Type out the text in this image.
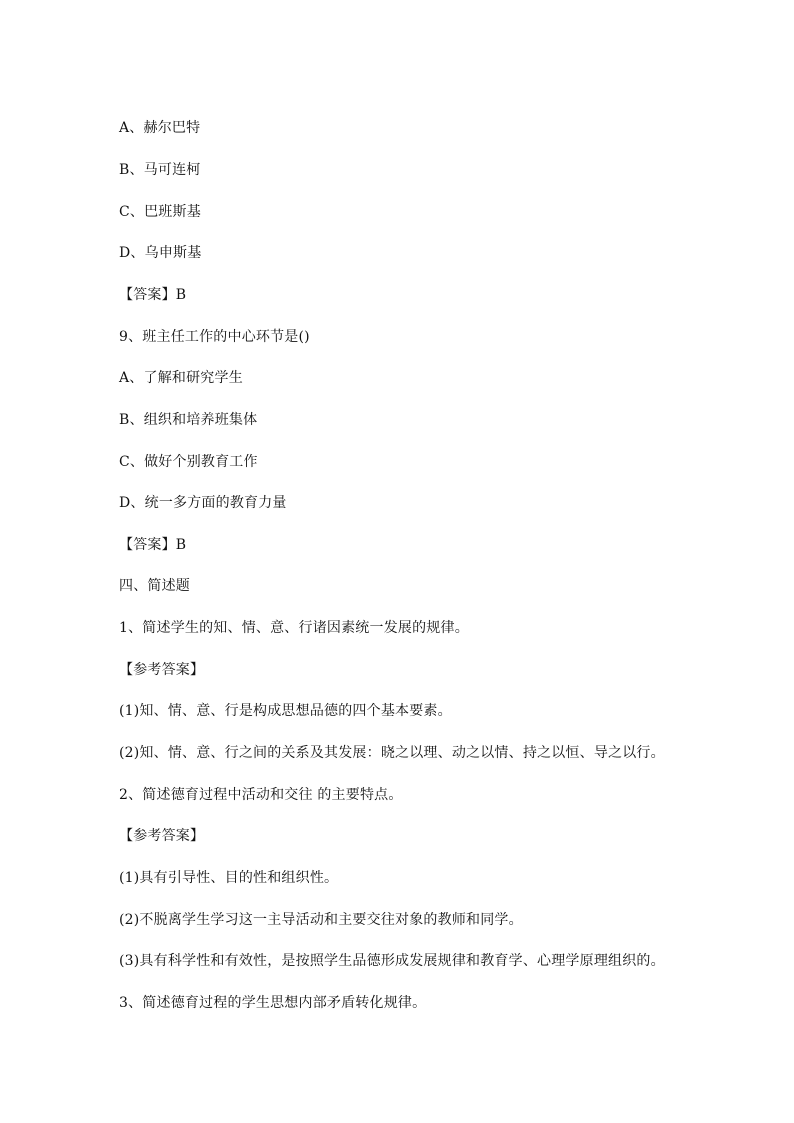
A、赫尔巴特
B、马可连柯
C、巴班斯基
D、乌申斯基
【答案】B
9、班主任工作的中心环节是()
A、了解和研究学生
B、组织和培养班集体
C、做好个别教育工作
D、统一多方面的教育力量
【答案】B
四、简述题
1、简述学生的知、情、意、行诸因素统一发展的规律。
【参考答案】
(1)知、情、意、行是构成思想品德的四个基本要素。
(2)知、情、意、行之间的关系及其发展：晓之以理、动之以情、持之以恒、导之以行。
2、简述德育过程中活动和交往 的主要特点。
【参考答案】
(1)具有引导性、目的性和组织性。
(2)不脱离学生学习这一主导活动和主要交往对象的教师和同学。
(3)具有科学性和有效性，是按照学生品德形成发展规律和教育学、心理学原理组织的。
3、简述德育过程的学生思想内部矛盾转化规律。
